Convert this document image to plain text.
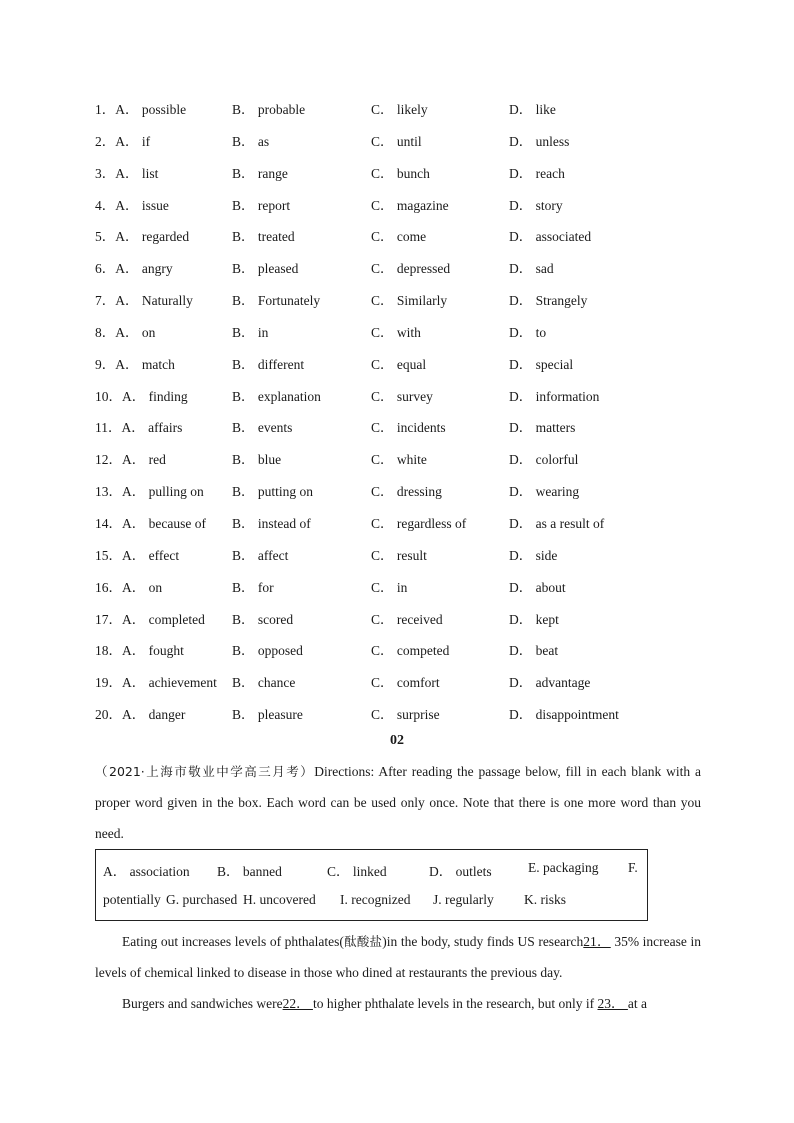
1．A． possible	B． probable	C． likely	D． like
2．A． if	B． as	C． until	D． unless
3．A． list	B． range	C． bunch	D． reach
4．A． issue	B． report	C． magazine	D． story
5．A． regarded	B． treated	C． come	D． associated
6．A． angry	B． pleased	C． depressed	D． sad
7．A． Naturally	B． Fortunately	C． Similarly	D． Strangely
8．A． on	B． in	C． with	D． to
9．A． match	B． different	C． equal	D． special
10．A． finding	B． explanation	C． survey	D． information
11．A． affairs	B． events	C． incidents	D． matters
12．A． red	B． blue	C． white	D． colorful
13．A． pulling on B． putting on	C． dressing	D． wearing
14．A． because of B． instead of	C． regardless of	D． as a result of
15．A． effect	B． affect	C． result	D． side
16．A． on	B． for	C． in	D． about
17．A． completed B． scored	C． received	D． kept
18．A． fought	B． opposed	C． competed	D． beat
19．A． achievement B． chance	C． comfort	D． advantage
20．A． danger	B． pleasure	C． surprise	D． disappointment
02
（2021·上海市敬业中学高三月考）Directions: After reading the passage below, fill in each blank with a proper word given in the box. Each word can be used only once. Note that there is one more word than you need.
A． association B． banned	C． linked	D． outlets	E. packaging F.
potentially G. purchased H. uncovered I. recognized J. regularly K. risks
Eating out increases levels of phthalates(酞酸盐)in the body, study finds US research21． 35% increase in levels of chemical linked to disease in those who dined at restaurants the previous day.
Burgers and sandwiches were22． to higher phthalate levels in the research, but only if 23． at a
